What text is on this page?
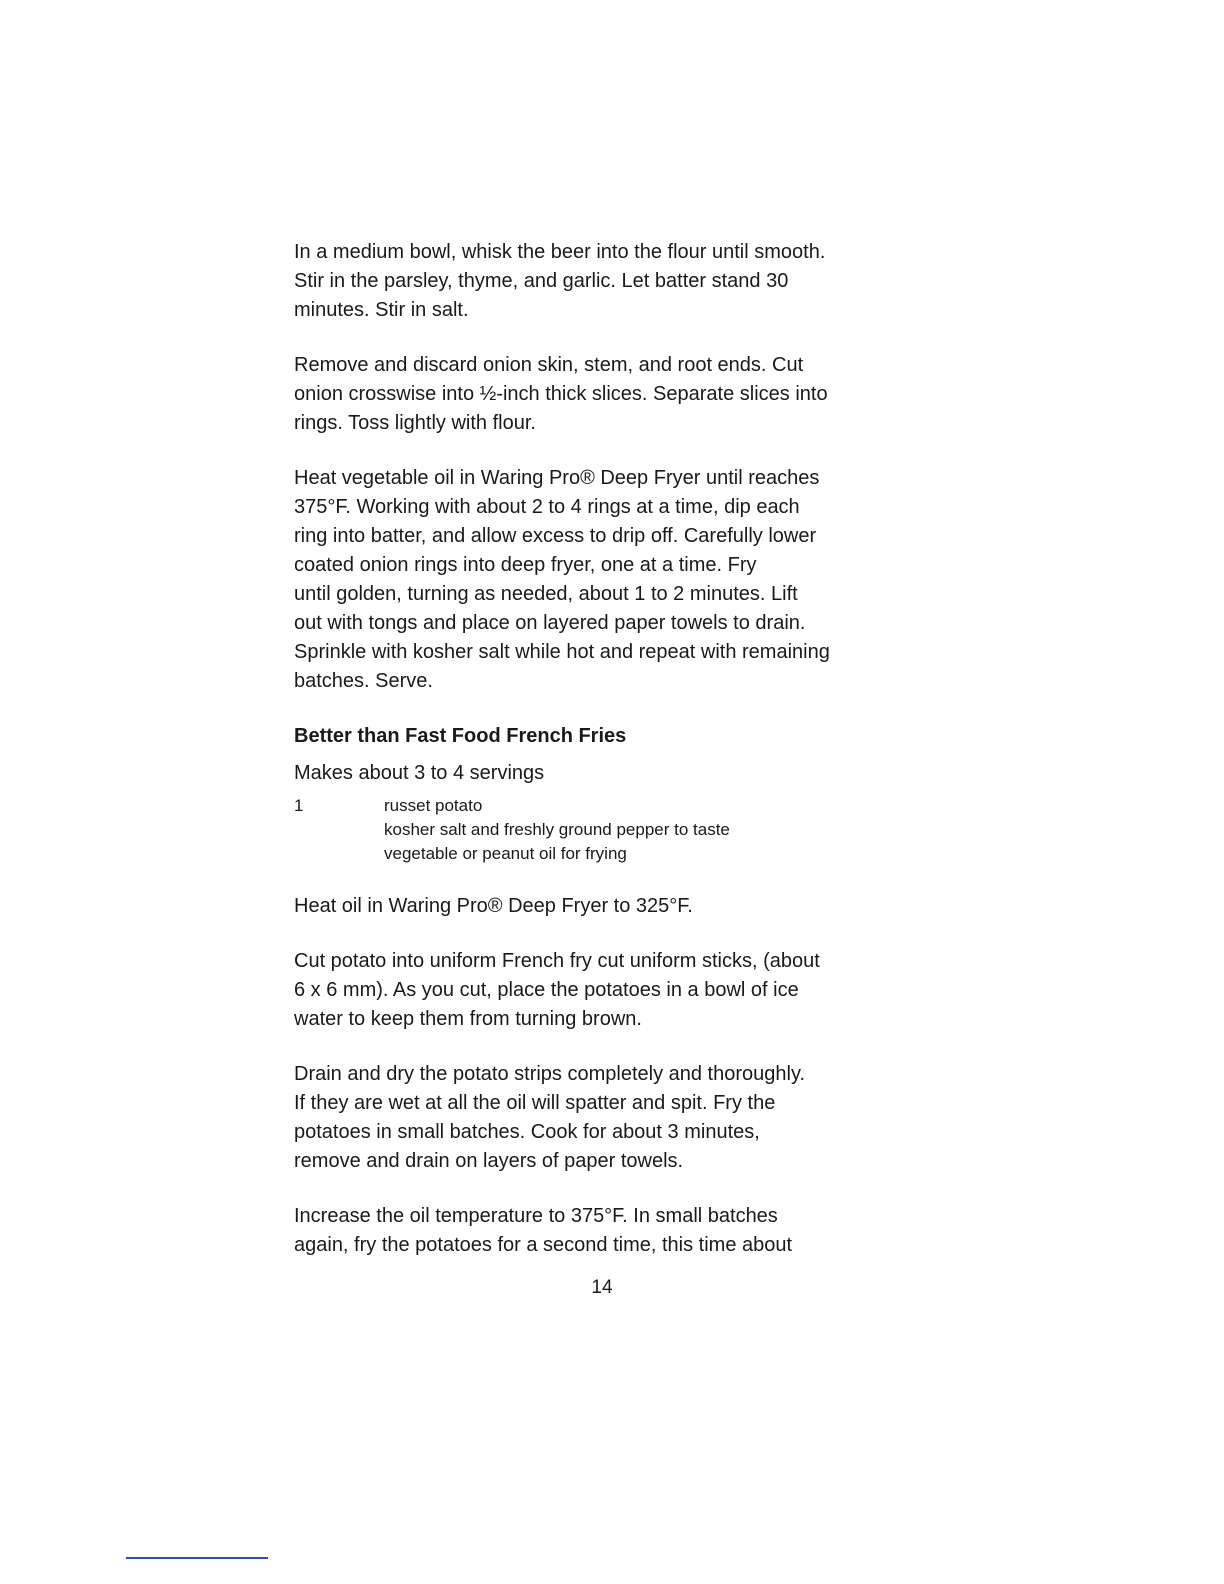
In a medium bowl, whisk the beer into the flour until smooth.
Stir in the parsley, thyme, and garlic. Let batter stand 30
minutes. Stir in salt.

Remove and discard onion skin, stem, and root ends. Cut
onion crosswise into ½-inch thick slices. Separate slices into
rings. Toss lightly with flour.

Heat vegetable oil in Waring Pro® Deep Fryer until reaches
375°F. Working with about 2 to 4 rings at a time, dip each
ring into batter, and allow excess to drip off. Carefully lower
coated onion rings into deep fryer, one at a time. Fry
until golden, turning as needed, about 1 to 2 minutes. Lift
out with tongs and place on layered paper towels to drain.
Sprinkle with kosher salt while hot and repeat with remaining
batches. Serve.

Better than Fast Food French Fries

Makes about 3 to 4 servings

1	russet potato
kosher salt and freshly ground pepper to taste
vegetable or peanut oil for frying

Heat oil in Waring Pro® Deep Fryer to 325°F.

Cut potato into uniform French fry cut uniform sticks, (about
6 x 6 mm). As you cut, place the potatoes in a bowl of ice
water to keep them from turning brown.

Drain and dry the potato strips completely and thoroughly.
If they are wet at all the oil will spatter and spit. Fry the
potatoes in small batches. Cook for about 3 minutes,
remove and drain on layers of paper towels.

Increase the oil temperature to 375°F. In small batches
again, fry the potatoes for a second time, this time about

14
